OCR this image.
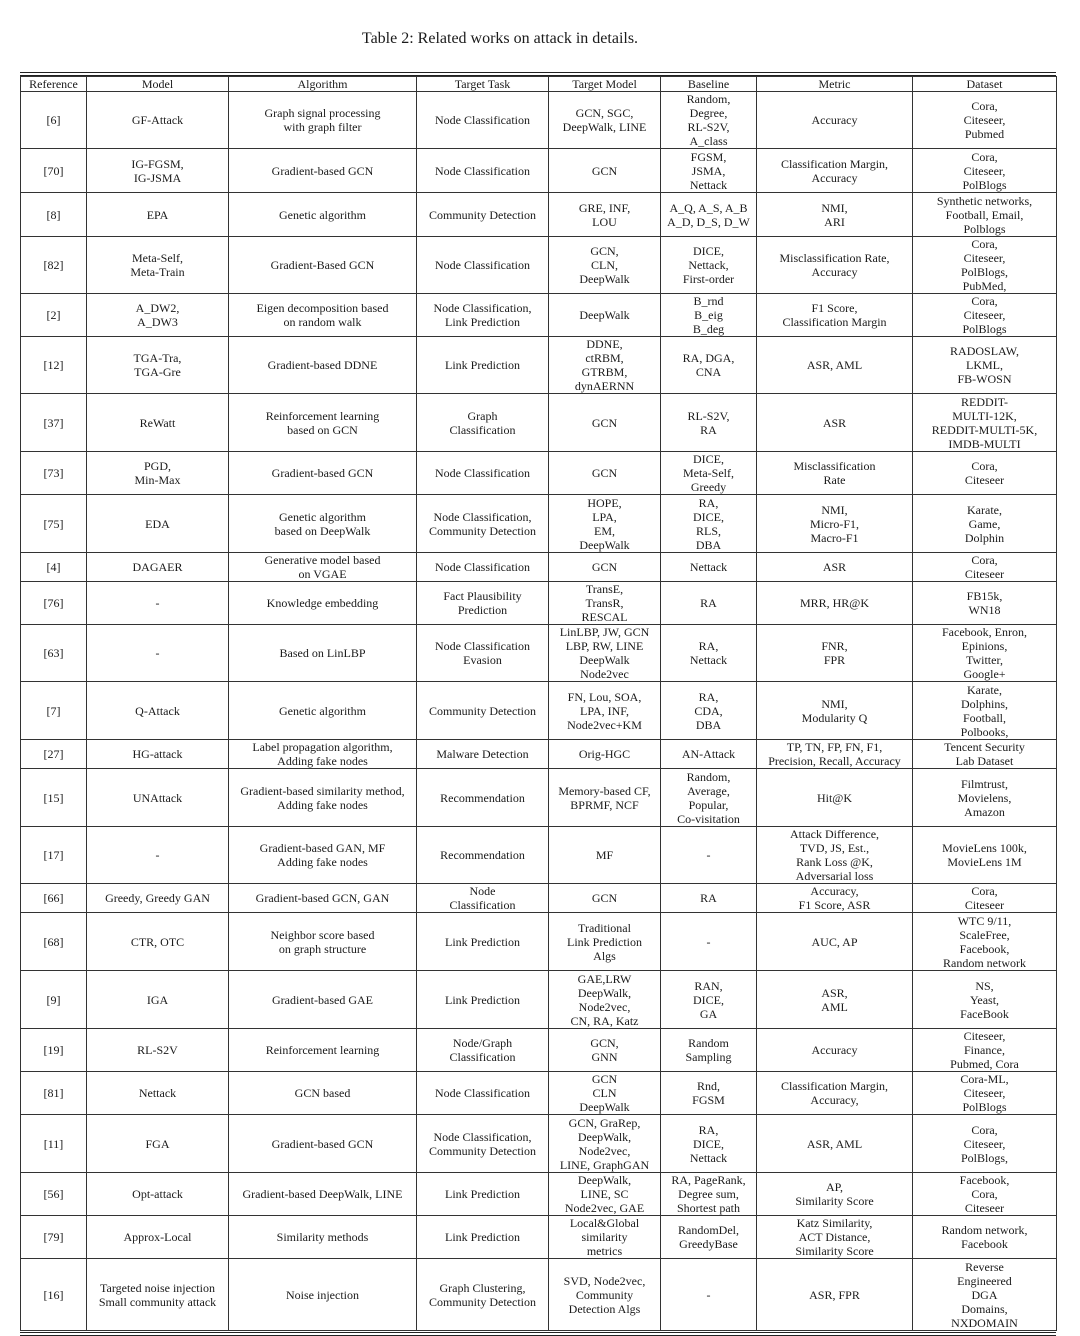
Table 2: Related works on attack in details.
Reference	Model	Algorithm	Target Task	Target Model	Baseline	Metric	Dataset
[6]	GF-Attack	Graph signal processing
with graph filter	Node Classification	GCN, SGC,
DeepWalk, LINE	Random,
Degree,
RL-S2V,
A_class	Accuracy	Cora,
Citeseer,
Pubmed
[70]	IG-FGSM,
IG-JSMA	Gradient-based GCN	Node Classification	GCN	FGSM,
JSMA,
Nettack	Classification Margin,
Accuracy	Cora,
Citeseer,
PolBlogs
[8]	EPA	Genetic algorithm	Community Detection	GRE, INF,
LOU	A_Q, A_S, A_B
A_D, D_S, D_W	NMI,
ARI	Synthetic networks,
Football, Email,
Polblogs
[82]	Meta-Self,
Meta-Train	Gradient-Based GCN	Node Classification	GCN,
CLN,
DeepWalk	DICE,
Nettack,
First-order	Misclassification Rate,
Accuracy	Cora,
Citeseer,
PolBlogs,
PubMed,
[2]	A_DW2,
A_DW3	Eigen decomposition based
on random walk	Node Classification,
Link Prediction	DeepWalk	B_rnd
B_eig
B_deg	F1 Score,
Classification Margin	Cora,
Citeseer,
PolBlogs
[12]	TGA-Tra,
TGA-Gre	Gradient-based DDNE	Link Prediction	DDNE,
ctRBM,
GTRBM,
dynAERNN	RA, DGA,
CNA	ASR, AML	RADOSLAW,
LKML,
FB-WOSN
[37]	ReWatt	Reinforcement learning
based on GCN	Graph
Classification	GCN	RL-S2V,
RA	ASR	REDDIT-
MULTI-12K,
REDDIT-MULTI-5K,
IMDB-MULTI
[73]	PGD,
Min-Max	Gradient-based GCN	Node Classification	GCN	DICE,
Meta-Self,
Greedy	Misclassification
Rate	Cora,
Citeseer
[75]	EDA	Genetic algorithm
based on DeepWalk	Node Classification,
Community Detection	HOPE,
LPA,
EM,
DeepWalk	RA,
DICE,
RLS,
DBA	NMI,
Micro-F1,
Macro-F1	Karate,
Game,
Dolphin
[4]	DAGAER	Generative model based
on VGAE	Node Classification	GCN	Nettack	ASR	Cora,
Citeseer
[76]	-	Knowledge embedding	Fact Plausibility
Prediction	TransE,
TransR,
RESCAL	RA	MRR, HR@K	FB15k,
WN18
[63]	-	Based on LinLBP	Node Classification
Evasion	LinLBP, JW, GCN
LBP, RW, LINE
DeepWalk
Node2vec	RA,
Nettack	FNR,
FPR	Facebook, Enron,
Epinions,
Twitter,
Google+
[7]	Q-Attack	Genetic algorithm	Community Detection	FN, Lou, SOA,
LPA, INF,
Node2vec+KM	RA,
CDA,
DBA	NMI,
Modularity Q	Karate,
Dolphins,
Football,
Polbooks,
[27]	HG-attack	Label propagation algorithm,
Adding fake nodes	Malware Detection	Orig-HGC	AN-Attack	TP, TN, FP, FN, F1,
Precision, Recall, Accuracy	Tencent Security
Lab Dataset
[15]	UNAttack	Gradient-based similarity method,
Adding fake nodes	Recommendation	Memory-based CF,
BPRMF, NCF	Random,
Average,
Popular,
Co-visitation	Hit@K	Filmtrust,
Movielens,
Amazon
[17]	-	Gradient-based GAN, MF
Adding fake nodes	Recommendation	MF	-	Attack Difference,
TVD, JS, Est.,
Rank Loss @K,
Adversarial loss	MovieLens 100k,
MovieLens 1M
[66]	Greedy, Greedy GAN	Gradient-based GCN, GAN	Node
Classification	GCN	RA	Accuracy,
F1 Score, ASR	Cora,
Citeseer
[68]	CTR, OTC	Neighbor score based
on graph structure	Link Prediction	Traditional
Link Prediction
Algs	-	AUC, AP	WTC 9/11,
ScaleFree,
Facebook,
Random network
[9]	IGA	Gradient-based GAE	Link Prediction	GAE,LRW
DeepWalk,
Node2vec,
CN, RA, Katz	RAN,
DICE,
GA	ASR,
AML	NS,
Yeast,
FaceBook
[19]	RL-S2V	Reinforcement learning	Node/Graph
Classification	GCN,
GNN	Random
Sampling	Accuracy	Citeseer,
Finance,
Pubmed, Cora
[81]	Nettack	GCN based	Node Classification	GCN
CLN
DeepWalk	Rnd,
FGSM	Classification Margin,
Accuracy,	Cora-ML,
Citeseer,
PolBlogs
[11]	FGA	Gradient-based GCN	Node Classification,
Community Detection	GCN, GraRep,
DeepWalk,
Node2vec,
LINE, GraphGAN	RA,
DICE,
Nettack	ASR, AML	Cora,
Citeseer,
PolBlogs,
[56]	Opt-attack	Gradient-based DeepWalk, LINE	Link Prediction	DeepWalk,
LINE, SC
Node2vec, GAE	RA, PageRank,
Degree sum,
Shortest path	AP,
Similarity Score	Facebook,
Cora,
Citeseer
[79]	Approx-Local	Similarity methods	Link Prediction	Local&Global
similarity
metrics	RandomDel,
GreedyBase	Katz Similarity,
ACT Distance,
Similarity Score	Random network,
Facebook
[16]	Targeted noise injection
Small community attack	Noise injection	Graph Clustering,
Community Detection	SVD, Node2vec,
Community
Detection Algs	-	ASR, FPR	Reverse
Engineered
DGA
Domains,
NXDOMAIN
